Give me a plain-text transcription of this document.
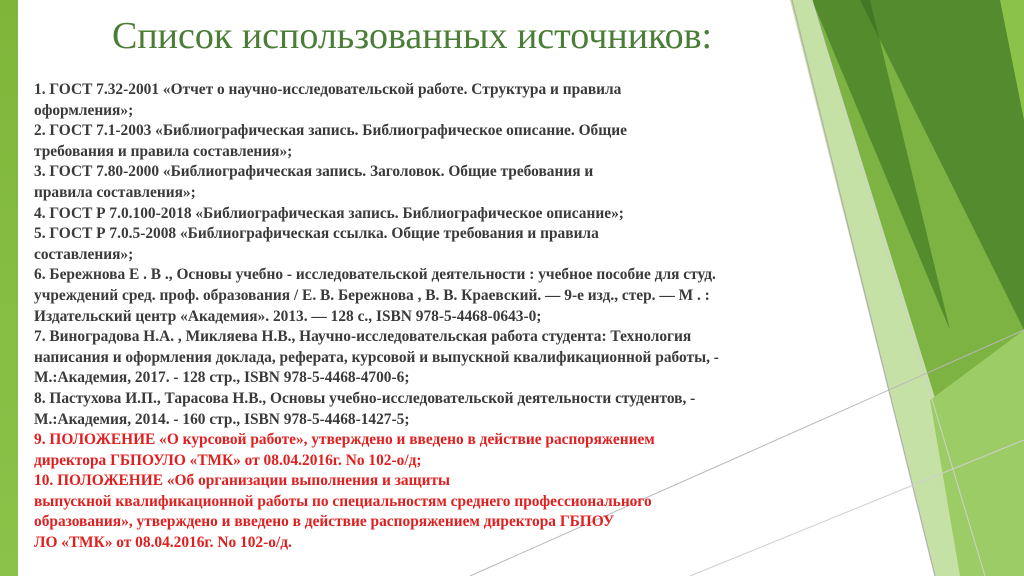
Список использованных источников:
1. ГОСТ 7.32-2001 «Отчет о научно-исследовательской работе. Структура и правила
оформления»;
2. ГОСТ 7.1-2003 «Библиографическая запись. Библиографическое описание. Общие
требования и правила составления»;
3. ГОСТ 7.80-2000 «Библиографическая запись. Заголовок. Общие требования и
правила составления»;
4. ГОСТ Р 7.0.100-2018 «Библиографическая запись. Библиографическое описание»;
5. ГОСТ Р 7.0.5-2008 «Библиографическая ссылка. Общие требования и правила
составления»;
6. Бережнова Е . В ., Основы учебно - исследовательской деятельности : учебное пособие для студ.
учреждений сред. проф. образования / Е. В. Бережнова , В. В. Краевский. — 9-е изд., стер. — М . :
Издательский центр «Академия». 2013. — 128 с., ISBN 978-5-4468-0643-0;
7. Виноградова Н.А. , Микляева Н.В., Научно-исследовательская работа студента: Технология
написания и оформления доклада, реферата, курсовой и выпускной квалификационной работы, -
М.:Академия, 2017. - 128 стр., ISBN 978-5-4468-4700-6;
8. Пастухова И.П., Тарасова Н.В., Основы учебно-исследовательской деятельности студентов, -
М.:Академия, 2014. - 160 стр., ISBN 978-5-4468-1427-5;
9. ПОЛОЖЕНИЕ «О курсовой работе», утверждено и введено в действие распоряжением
директора ГБПОУЛО «ТМК» от 08.04.2016г. No 102-о/д;
10. ПОЛОЖЕНИЕ «Об организации выполнения и защиты
выпускной квалификационной работы по специальностям среднего профессионального
образования», утверждено и введено в действие распоряжением директора ГБПОУ
ЛО «ТМК» от 08.04.2016г. No 102-о/д.
